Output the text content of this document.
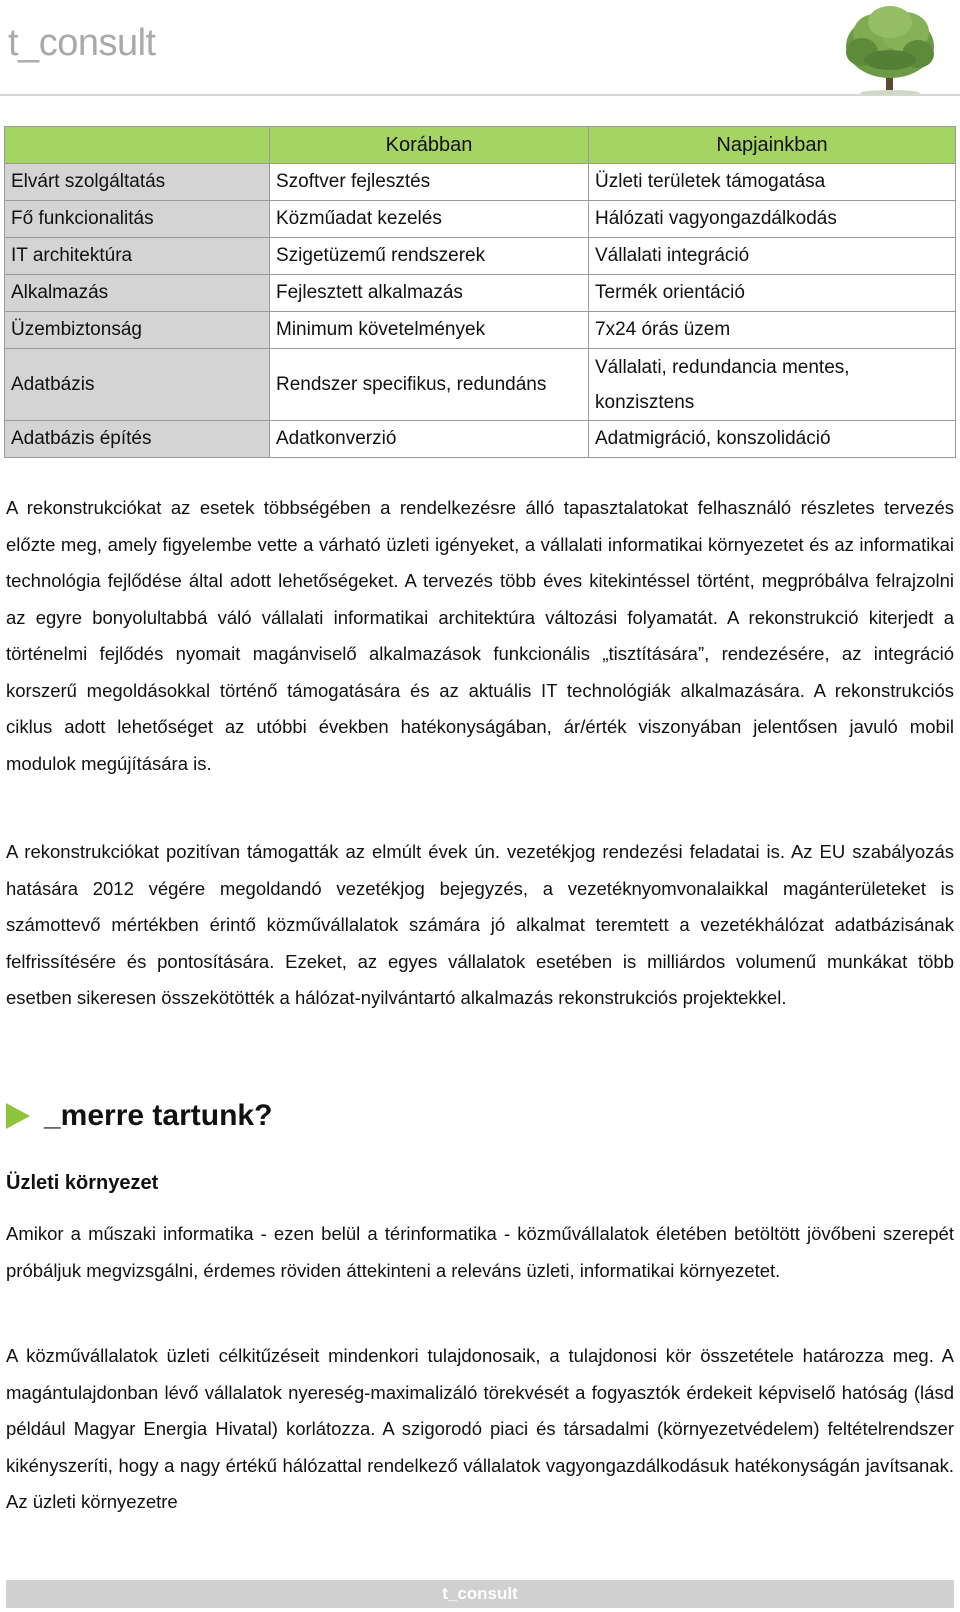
t_consult
	Korábban	Napjainkban
Elvárt szolgáltatás	Szoftver fejlesztés	Üzleti területek támogatása
Fő funkcionalitás	Közműadat kezelés	Hálózati vagyongazdálkodás
IT architektúra	Szigetüzemű rendszerek	Vállalati integráció
Alkalmazás	Fejlesztett alkalmazás	Termék orientáció
Üzembiztonság	Minimum követelmények	7x24 órás üzem
Adatbázis	Rendszer specifikus, redundáns	Vállalati, redundancia mentes,
konzisztens

Adatbázis építés	Adatkonverzió	Adatmigráció, konszolidáció

A rekonstrukciókat az esetek többségében a rendelkezésre álló tapasztalatokat felhasználó részletes tervezés előzte meg, amely figyelembe vette a várható üzleti igényeket, a vállalati informatikai környezetet és az informatikai technológia fejlődése által adott lehetőségeket. A tervezés több éves kitekintéssel történt, megpróbálva felrajzolni az egyre bonyolultabbá váló vállalati informatikai architektúra változási folyamatát. A rekonstrukció kiterjedt a történelmi fejlődés nyomait magánviselő alkalmazások funkcionális „tisztítására”, rendezésére, az integráció korszerű megoldásokkal történő támogatására és az aktuális IT technológiák alkalmazására. A rekonstrukciós ciklus adott lehetőséget az utóbbi években hatékonyságában, ár/érték viszonyában jelentősen javuló mobil modulok megújítására is.

A rekonstrukciókat pozitívan támogatták az elmúlt évek ún. vezetékjog rendezési feladatai is. Az EU szabályozás hatására 2012 végére megoldandó vezetékjog bejegyzés, a vezetéknyomvonalaikkal magánterületeket is számottevő mértékben érintő közművállalatok számára jó alkalmat teremtett a vezetékhálózat adatbázisának felfrissítésére és pontosítására. Ezeket, az egyes vállalatok esetében is milliárdos volumenű munkákat több esetben sikeresen összekötötték a hálózat-nyilvántartó alkalmazás rekonstrukciós projektekkel.

_merre tartunk?
Üzleti környezet

Amikor a műszaki informatika - ezen belül a térinformatika - közművállalatok életében betöltött jövőbeni szerepét próbáljuk megvizsgálni, érdemes röviden áttekinteni a releváns üzleti, informatikai környezetet.

A közművállalatok üzleti célkitűzéseit mindenkori tulajdonosaik, a tulajdonosi kör összetétele határozza meg. A magántulajdonban lévő vállalatok nyereség-maximalizáló törekvését a fogyasztók érdekeit képviselő hatóság (lásd például Magyar Energia Hivatal) korlátozza. A szigorodó piaci és társadalmi (környezetvédelem) feltételrendszer kikényszeríti, hogy a nagy értékű hálózattal rendelkező vállalatok vagyongazdálkodásuk hatékonyságán javítsanak. Az üzleti környezetre

t_consult
